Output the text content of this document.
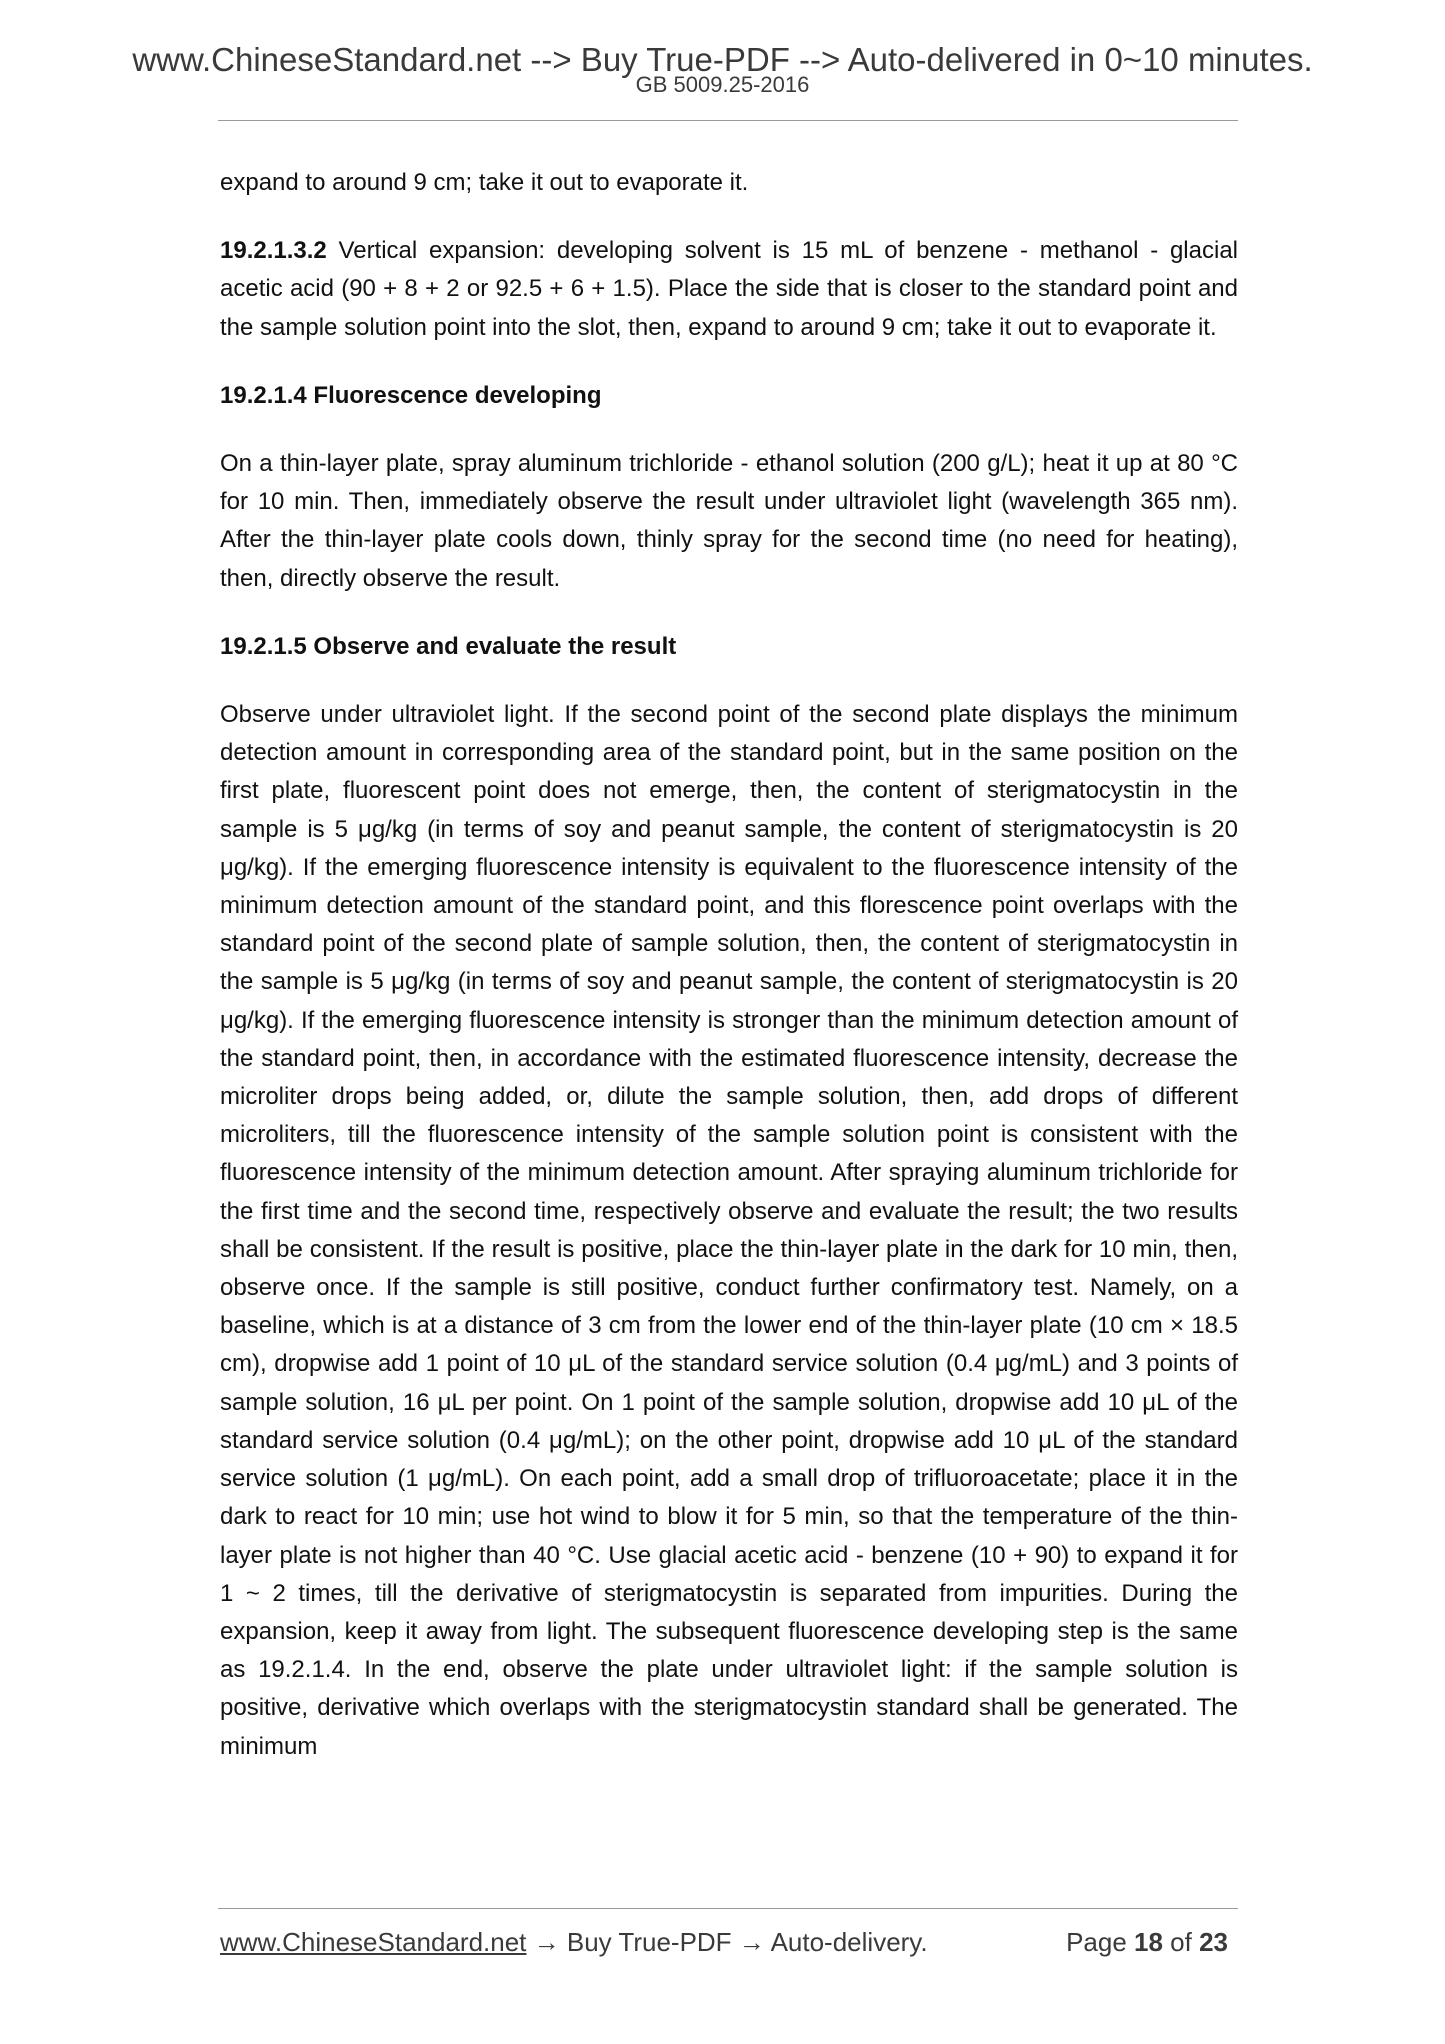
www.ChineseStandard.net --> Buy True-PDF --> Auto-delivered in 0~10 minutes.
GB 5009.25-2016

expand to around 9 cm; take it out to evaporate it.

19.2.1.3.2 Vertical expansion: developing solvent is 15 mL of benzene - methanol - glacial acetic acid (90 + 8 + 2 or 92.5 + 6 + 1.5). Place the side that is closer to the standard point and the sample solution point into the slot, then, expand to around 9 cm; take it out to evaporate it.

19.2.1.4 Fluorescence developing

On a thin-layer plate, spray aluminum trichloride - ethanol solution (200 g/L); heat it up at 80 °C for 10 min. Then, immediately observe the result under ultraviolet light (wavelength 365 nm). After the thin-layer plate cools down, thinly spray for the second time (no need for heating), then, directly observe the result.

19.2.1.5 Observe and evaluate the result

Observe under ultraviolet light. If the second point of the second plate displays the minimum detection amount in corresponding area of the standard point, but in the same position on the first plate, fluorescent point does not emerge, then, the content of sterigmatocystin in the sample is 5 μg/kg (in terms of soy and peanut sample, the content of sterigmatocystin is 20 μg/kg). If the emerging fluorescence intensity is equivalent to the fluorescence intensity of the minimum detection amount of the standard point, and this florescence point overlaps with the standard point of the second plate of sample solution, then, the content of sterigmatocystin in the sample is 5 μg/kg (in terms of soy and peanut sample, the content of sterigmatocystin is 20 μg/kg). If the emerging fluorescence intensity is stronger than the minimum detection amount of the standard point, then, in accordance with the estimated fluorescence intensity, decrease the microliter drops being added, or, dilute the sample solution, then, add drops of different microliters, till the fluorescence intensity of the sample solution point is consistent with the fluorescence intensity of the minimum detection amount. After spraying aluminum trichloride for the first time and the second time, respectively observe and evaluate the result; the two results shall be consistent. If the result is positive, place the thin-layer plate in the dark for 10 min, then, observe once. If the sample is still positive, conduct further confirmatory test. Namely, on a baseline, which is at a distance of 3 cm from the lower end of the thin-layer plate (10 cm × 18.5 cm), dropwise add 1 point of 10 μL of the standard service solution (0.4 μg/mL) and 3 points of sample solution, 16 μL per point. On 1 point of the sample solution, dropwise add 10 μL of the standard service solution (0.4 μg/mL); on the other point, dropwise add 10 μL of the standard service solution (1 μg/mL). On each point, add a small drop of trifluoroacetate; place it in the dark to react for 10 min; use hot wind to blow it for 5 min, so that the temperature of the thin-layer plate is not higher than 40 °C. Use glacial acetic acid - benzene (10 + 90) to expand it for 1 ~ 2 times, till the derivative of sterigmatocystin is separated from impurities. During the expansion, keep it away from light. The subsequent fluorescence developing step is the same as 19.2.1.4. In the end, observe the plate under ultraviolet light: if the sample solution is positive, derivative which overlaps with the sterigmatocystin standard shall be generated. The minimum

www.ChineseStandard.net → Buy True-PDF → Auto-delivery.	Page 18 of 23
